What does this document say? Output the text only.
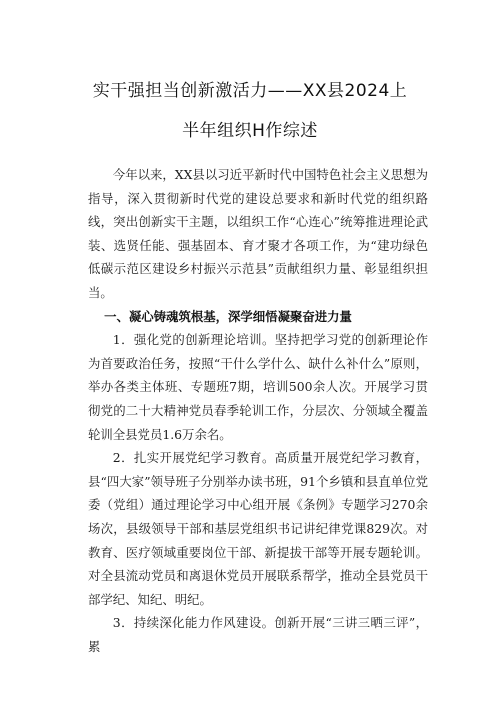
实干强担当创新激活力——XX县2024上
半年组织H作综述

今年以来，XX县以习近平新时代中国特色社会主义思想为指导，深入贯彻新时代党的建设总要求和新时代党的组织路线，突出创新实干主题，以组织工作“心连心”统筹推进理论武装、选贤任能、强基固本、育才聚才各项工作，为“建功绿色低碳示范区建设乡村振兴示范县”贡献组织力量、彰显组织担当。

一、凝心铸魂筑根基，深学细悟凝聚奋进力量

1．强化党的创新理论培训。坚持把学习党的创新理论作为首要政治任务，按照“干什么学什么、缺什么补什么”原则，举办各类主体班、专题班7期，培训500余人次。开展学习贯彻党的二十大精神党员春季轮训工作，分层次、分领域全覆盖轮训全县党员1.6万余名。

2．扎实开展党纪学习教育。高质量开展党纪学习教育，县“四大家”领导班子分别举办读书班，91个乡镇和县直单位党委（党组）通过理论学习中心组开展《条例》专题学习270余场次，县级领导干部和基层党组织书记讲纪律党课829次。对教育、医疗领域重要岗位干部、新提拔干部等开展专题轮训。对全县流动党员和离退休党员开展联系帮学，推动全县党员干部学纪、知纪、明纪。

3．持续深化能力作风建设。创新开展“三讲三晒三评”，累
